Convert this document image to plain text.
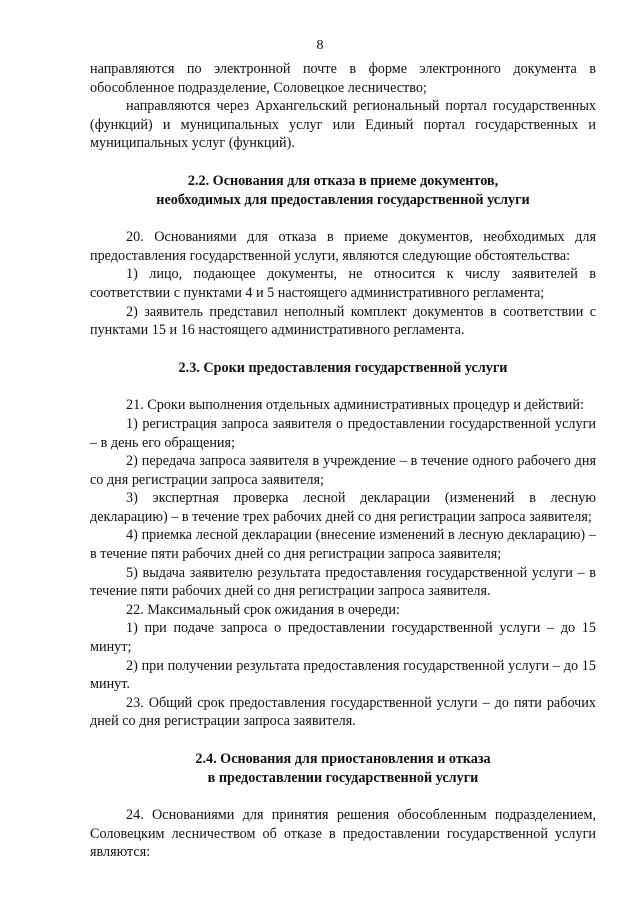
8

направляются по электронной почте в форме электронного документа в обособленное подразделение, Соловецкое лесничество;

направляются через Архангельский региональный портал государственных (функций) и муниципальных услуг или Единый портал государственных и муниципальных услуг (функций).

2.2. Основания для отказа в приеме документов,
необходимых для предоставления государственной услуги

20. Основаниями для отказа в приеме документов, необходимых для предоставления государственной услуги, являются следующие обстоятельства:

1) лицо, подающее документы, не относится к числу заявителей в соответствии с пунктами 4 и 5 настоящего административного регламента;

2) заявитель представил неполный комплект документов в соответствии с пунктами 15 и 16 настоящего административного регламента.

2.3. Сроки предоставления государственной услуги

21. Сроки выполнения отдельных административных процедур и действий:

1) регистрация запроса заявителя о предоставлении государственной услуги – в день его обращения;

2) передача запроса заявителя в учреждение – в течение одного рабочего дня со дня регистрации запроса заявителя;

3) экспертная проверка лесной декларации (изменений в лесную декларацию) – в течение трех рабочих дней со дня регистрации запроса заявителя;

4) приемка лесной декларации (внесение изменений в лесную декларацию) – в течение пяти рабочих дней со дня регистрации запроса заявителя;

5) выдача заявителю результата предоставления государственной услуги – в течение пяти рабочих дней со дня регистрации запроса заявителя.

22. Максимальный срок ожидания в очереди:

1) при подаче запроса о предоставлении государственной услуги – до 15 минут;

2) при получении результата предоставления государственной услуги – до 15 минут.

23. Общий срок предоставления государственной услуги – до пяти рабочих дней со дня регистрации запроса заявителя.

2.4. Основания для приостановления и отказа
в предоставлении государственной услуги

24. Основаниями для принятия решения обособленным подразделением, Соловецким лесничеством об отказе в предоставлении государственной услуги являются:
